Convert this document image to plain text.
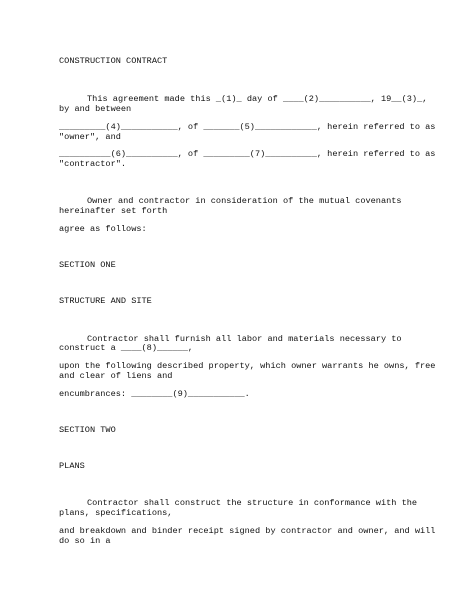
CONSTRUCTION CONTRACT
This agreement made this _(1)_ day of ____(2)__________, 19__(3)_,
by and between
_________(4)___________, of _______(5)____________, herein referred to as
"owner", and
__________(6)__________, of _________(7)__________, herein referred to as
"contractor".
Owner and contractor in consideration of the mutual covenants
hereinafter set forth
agree as follows:
SECTION ONE
STRUCTURE AND SITE
Contractor shall furnish all labor and materials necessary to
construct a ____(8)______,
upon the following described property, which owner warrants he owns, free
and clear of liens and
encumbrances: ________(9)___________.
SECTION TWO
PLANS
Contractor shall construct the structure in conformance with the
plans, specifications,
and breakdown and binder receipt signed by contractor and owner, and will
do so in a
